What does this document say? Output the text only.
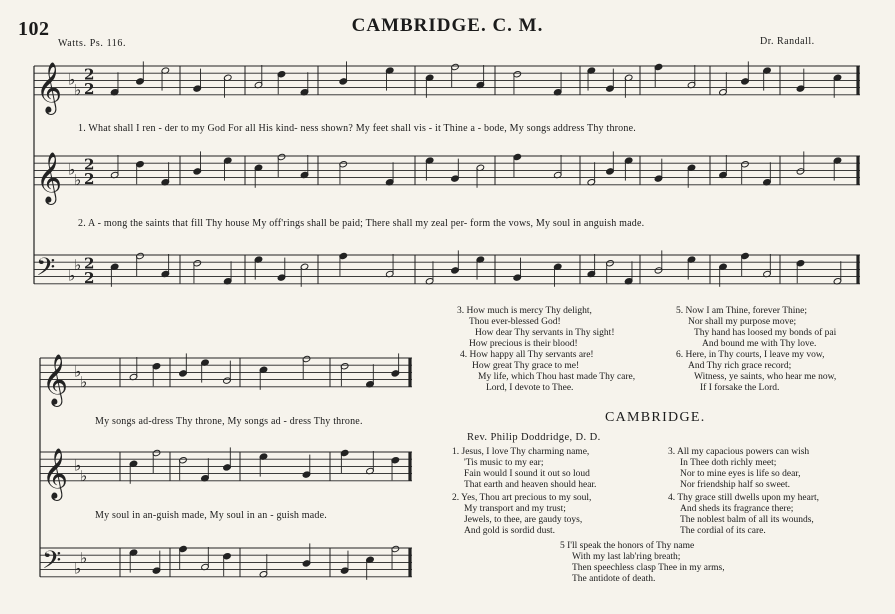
102
Watts. Ps. 116.
CAMBRIDGE. C. M.
Dr. Randall.
𝄞 ♭
♭
2
2
𝄞 ♭
♭
2
2
𝄢 ♭
♭ 2
2
𝄞 ♭
♭
𝄞 ♭
♭
𝄢 ♭
♭
1. What shall I ren - der to my God For all His kind- ness shown? My feet shall vis - it Thine a - bode, My songs address Thy throne.
2. A - mong the saints that fill Thy house My off'rings shall be paid; There shall my zeal per- form the vows, My soul in anguish made.
My songs ad-dress Thy throne, My songs ad - dress Thy throne.
My soul in an-guish made, My soul in an - guish made.
3. How much is mercy Thy delight,
Thou ever-blessed God!
How dear Thy servants in Thy sight!
How precious is their blood!
4. How happy all Thy servants are!
How great Thy grace to me!
My life, which Thou hast made Thy care,
Lord, I devote to Thee.
5. Now I am Thine, forever Thine;
Nor shall my purpose move;
Thy hand has loosed my bonds of pai
And bound me with Thy love.
6. Here, in Thy courts, I leave my vow,
And Thy rich grace record;
Witness, ye saints, who hear me now,
If I forsake the Lord.
CAMBRIDGE.
Rev. Philip Doddridge, D. D.
1. Jesus, I love Thy charming name,
'Tis music to my ear;
Fain would I sound it out so loud
That earth and heaven should hear.
2. Yes, Thou art precious to my soul,
My transport and my trust;
Jewels, to thee, are gaudy toys,
And gold is sordid dust.
3. All my capacious powers can wish
In Thee doth richly meet;
Nor to mine eyes is life so dear,
Nor friendship half so sweet.
4. Thy grace still dwells upon my heart,
And sheds its fragrance there;
The noblest balm of all its wounds,
The cordial of its care.
5 I'll speak the honors of Thy name
With my last lab'ring breath;
Then speechless clasp Thee in my arms,
The antidote of death.
